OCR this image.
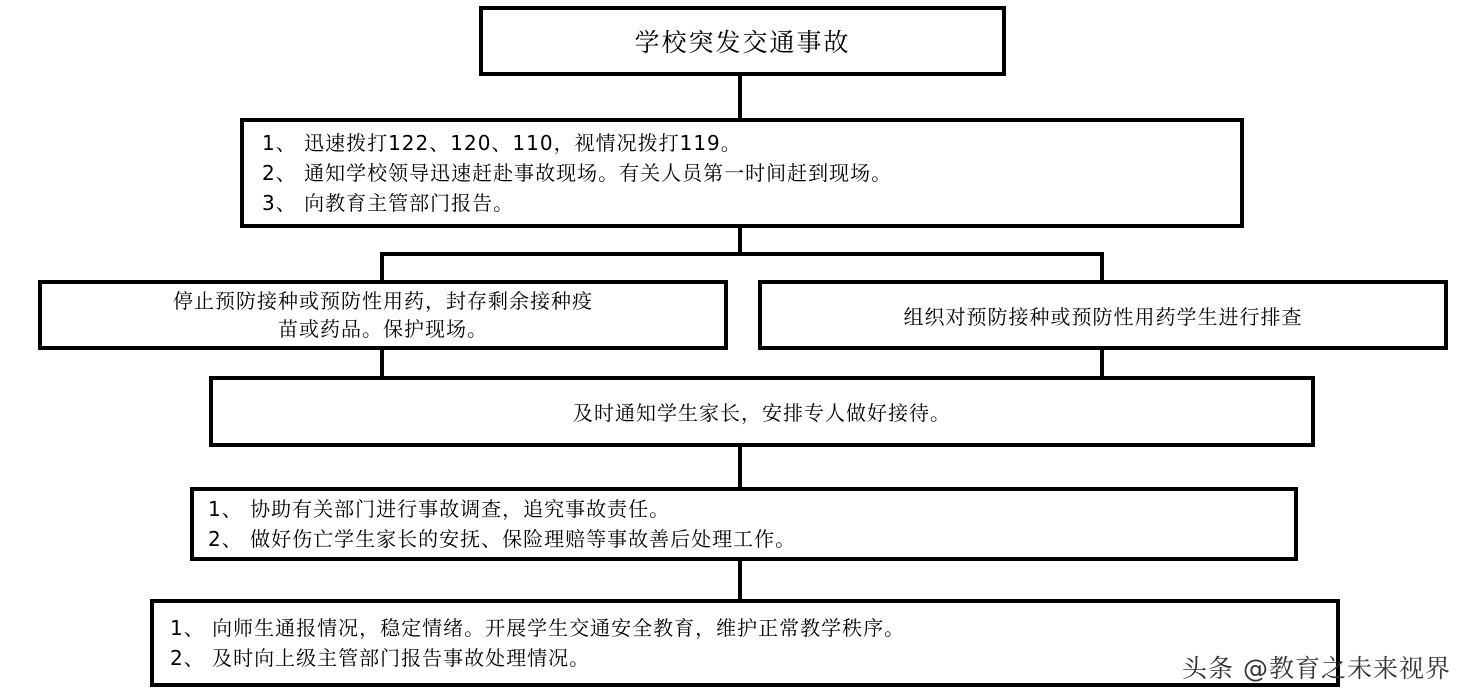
学校突发交通事故
1、 迅速拨打122、120、110，视情况拨打119。
2、 通知学校领导迅速赶赴事故现场。有关人员第一时间赶到现场。
3、 向教育主管部门报告。
停止预防接种或预防性用药，封存剩余接种疫
苗或药品。保护现场。
组织对预防接种或预防性用药学生进行排查
及时通知学生家长，安排专人做好接待。
1、 协助有关部门进行事故调查，追究事故责任。
2、 做好伤亡学生家长的安抚、保险理赔等事故善后处理工作。
1、 向师生通报情况，稳定情绪。开展学生交通安全教育，维护正常教学秩序。
2、 及时向上级主管部门报告事故处理情况。	头条 @教育之未来视界
